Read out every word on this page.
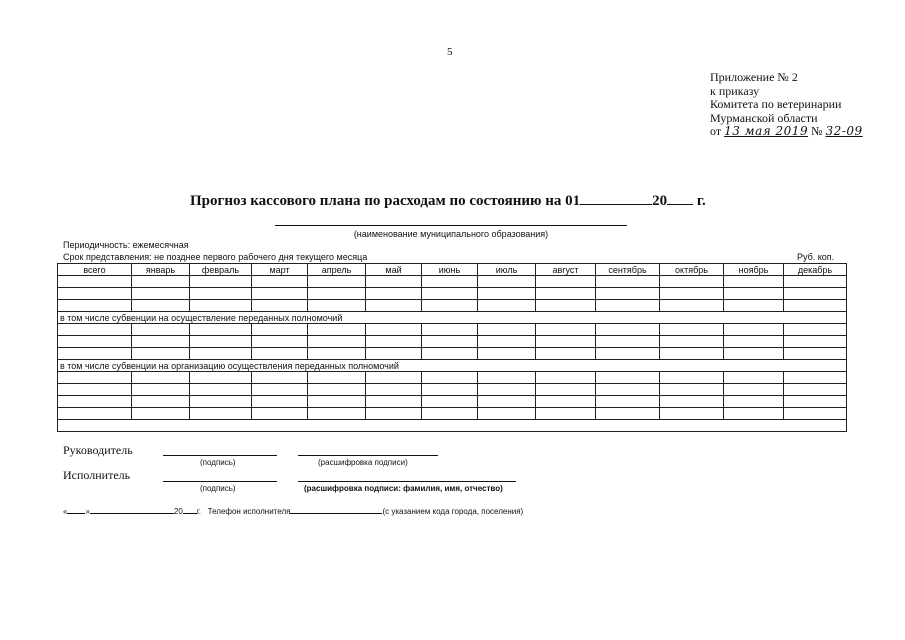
5
Приложение № 2
к приказу
Комитета по ветеринарии
Мурманской области
от 13 мая 2019 № 32-09
Прогноз кассового плана по расходам по состоянию на 01	20 г.
(наименование муниципального образования)
Периодичность: ежемесячная
Срок представления: не позднее первого рабочего дня текущего месяца	Руб. коп.
всего	январь	февраль	март	апрель	май	июнь	июль	август	сентябрь	октябрь	ноябрь	декабрь

в том числе субвенции на осуществление переданных полномочий												

в том числе субвенции на организацию осуществления переданных полномочий												

Руководитель
(подпись)	(расшифровка подписи)
Исполнитель
(подпись)	(расшифровка подписи: фамилия, имя, отчество)
« »	20 г. Телефон исполнителя	(с указанием кода города, поселения)
